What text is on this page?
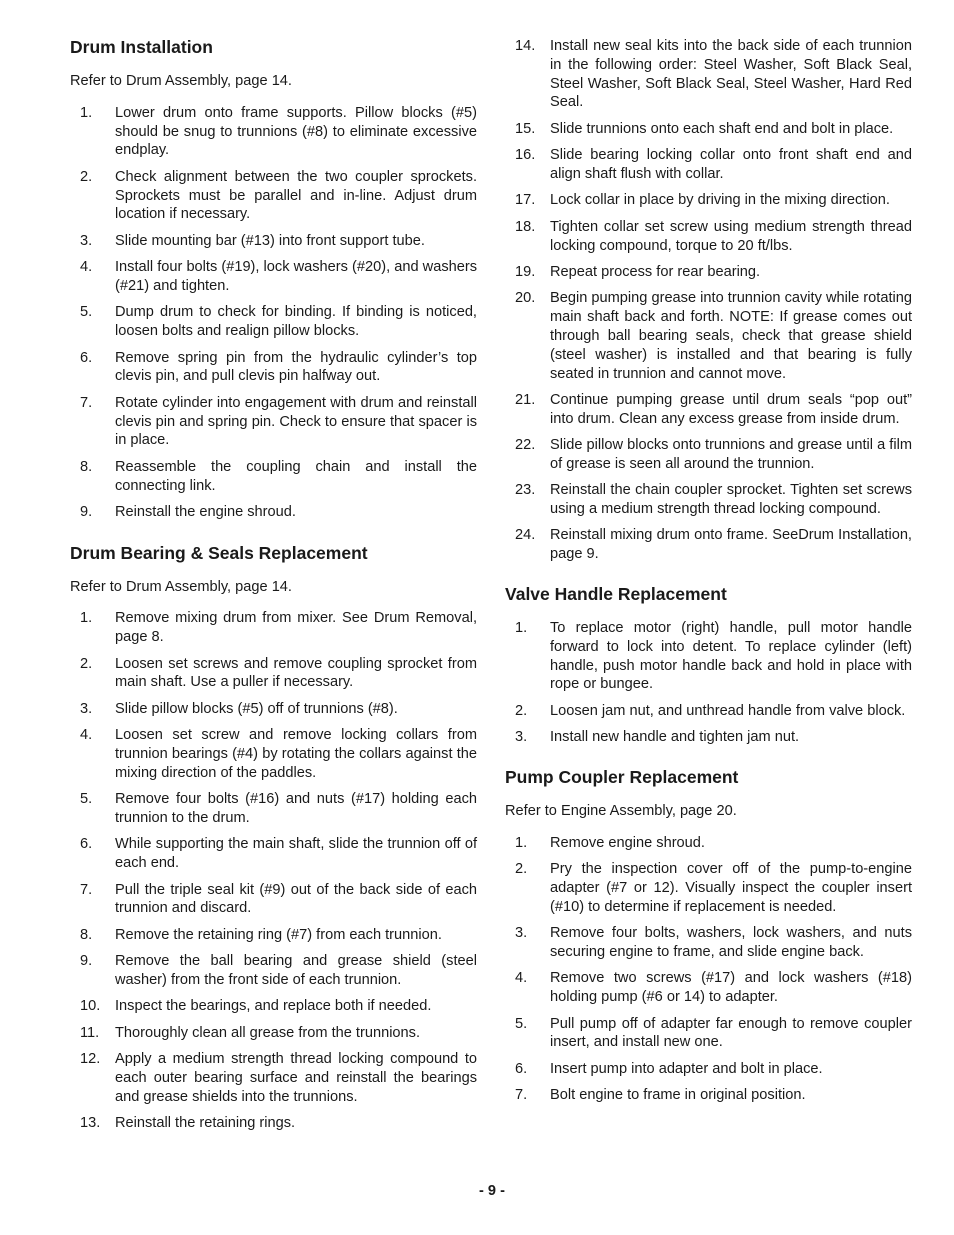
Drum Installation

Refer to Drum Assembly, page 14.

1.	Lower drum onto frame supports. Pillow blocks (#5) should be snug to trunnions (#8) to eliminate excessive endplay.
2.	Check alignment between the two coupler sprockets. Sprockets must be parallel and in-line. Adjust drum location if necessary.
3.	Slide mounting bar (#13) into front support tube.
4.	Install four bolts (#19), lock washers (#20), and washers (#21) and tighten.
5.	Dump drum to check for binding. If binding is noticed, loosen bolts and realign pillow blocks.
6.	Remove spring pin from the hydraulic cylinder’s top clevis pin, and pull clevis pin halfway out.
7.	Rotate cylinder into engagement with drum and reinstall clevis pin and spring pin. Check to ensure that spacer is in place.
8.	Reassemble the coupling chain and install the connecting link.
9.	Reinstall the engine shroud.
Drum Bearing & Seals Replacement

Refer to Drum Assembly, page 14.

1.	Remove mixing drum from mixer. See Drum Removal, page 8.
2.	Loosen set screws and remove coupling sprocket from main shaft. Use a puller if necessary.
3.	Slide pillow blocks (#5) off of trunnions (#8).
4.	Loosen set screw and remove locking collars from trunnion bearings (#4) by rotating the collars against the mixing direction of the paddles.
5.	Remove four bolts (#16) and nuts (#17) holding each trunnion to the drum.
6.	While supporting the main shaft, slide the trunnion off of each end.
7.	Pull the triple seal kit (#9) out of the back side of each trunnion and discard.
8.	Remove the retaining ring (#7) from each trunnion.
9.	Remove the ball bearing and grease shield (steel washer) from the front side of each trunnion.
10.	Inspect the bearings, and replace both if needed.
11.	Thoroughly clean all grease from the trunnions.
12.	Apply a medium strength thread locking compound to each outer bearing surface and reinstall the bearings and grease shields into the trunnions.
13.	Reinstall the retaining rings.
14.	Install new seal kits into the back side of each trunnion in the following order: Steel Washer, Soft Black Seal, Steel Washer, Soft Black Seal, Steel Washer, Hard Red Seal.
15.	Slide trunnions onto each shaft end and bolt in place.
16.	Slide bearing locking collar onto front shaft end and align shaft flush with collar.
17.	Lock collar in place by driving in the mixing direction.
18.	Tighten collar set screw using medium strength thread locking compound, torque to 20 ft/lbs.
19.	Repeat process for rear bearing.
20.	Begin pumping grease into trunnion cavity while rotating main shaft back and forth. NOTE: If grease comes out through ball bearing seals, check that grease shield (steel washer) is installed and that bearing is fully seated in trunnion and cannot move.
21.	Continue pumping grease until drum seals “pop out” into drum. Clean any excess grease from inside drum.
22.	Slide pillow blocks onto trunnions and grease until a film of grease is seen all around the trunnion.
23.	Reinstall the chain coupler sprocket. Tighten set screws using a medium strength thread locking compound.
24.	Reinstall mixing drum onto frame. SeeDrum Installation, page 9.
Valve Handle Replacement
1.	To replace motor (right) handle, pull motor handle forward to lock into detent. To replace cylinder (left) handle, push motor handle back and hold in place with rope or bungee.
2.	Loosen jam nut, and unthread handle from valve block.
3.	Install new handle and tighten jam nut.
Pump Coupler Replacement

Refer to Engine Assembly, page 20.

1.	Remove engine shroud.
2.	Pry the inspection cover off of the pump-to-engine adapter (#7 or 12). Visually inspect the coupler insert (#10) to determine if replacement is needed.
3.	Remove four bolts, washers, lock washers, and nuts securing engine to frame, and slide engine back.
4.	Remove two screws (#17) and lock washers (#18) holding pump (#6 or 14) to adapter.
5.	Pull pump off of adapter far enough to remove coupler insert, and install new one.
6.	Insert pump into adapter and bolt in place.
7.	Bolt engine to frame in original position.
- 9 -
